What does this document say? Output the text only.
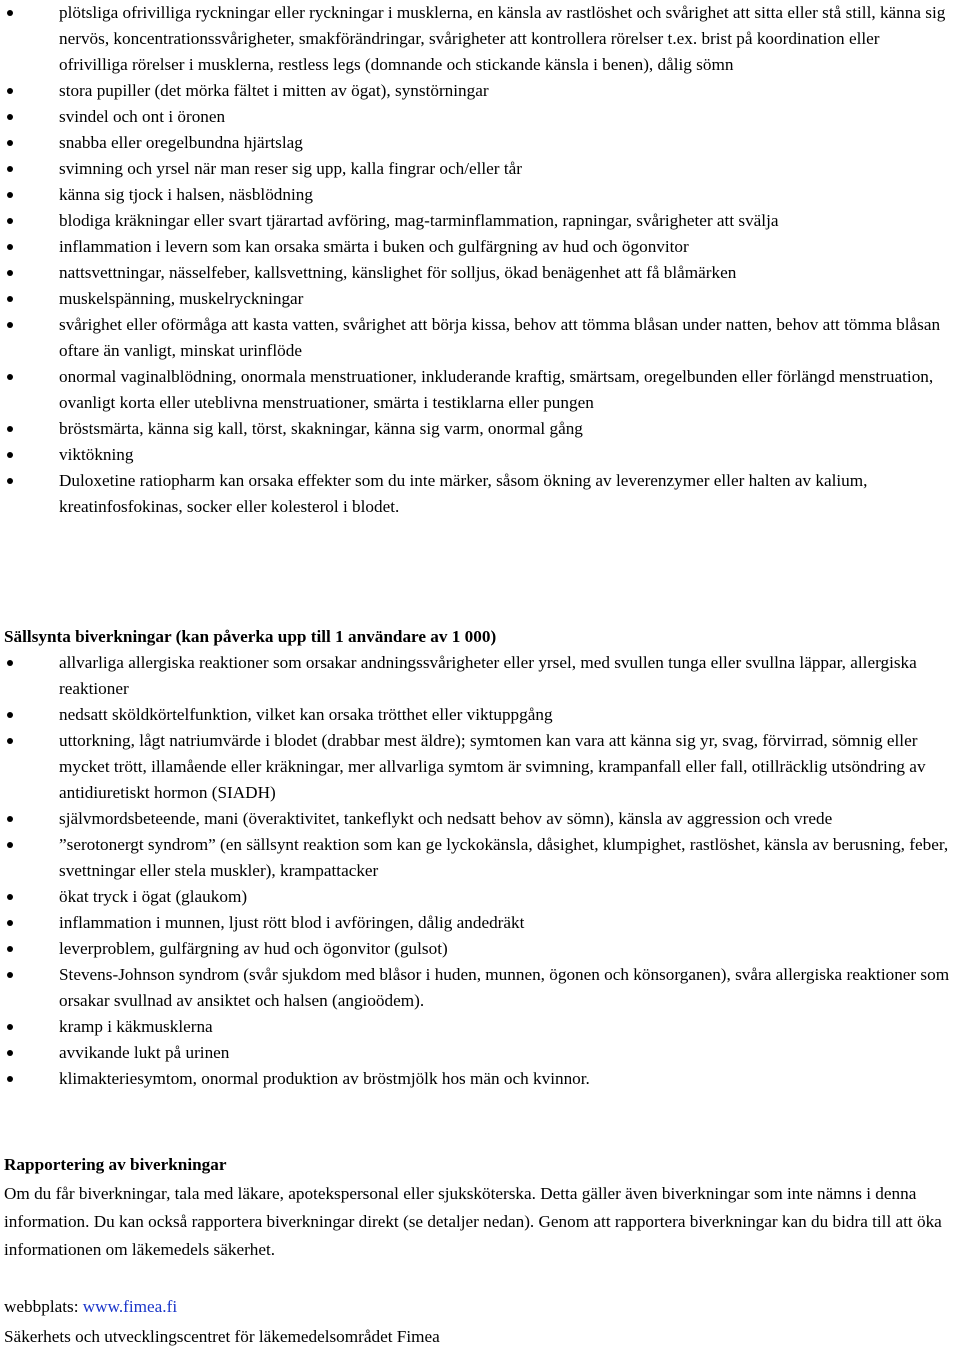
plötsliga ofrivilliga ryckningar eller ryckningar i musklerna, en känsla av rastlöshet och svårighet att sitta eller stå still, känna sig nervös, koncentrationssvårigheter, smakförändringar, svårigheter att kontrollera rörelser t.ex. brist på koordination eller ofrivilliga rörelser i musklerna, restless legs (domnande och stickande känsla i benen), dålig sömn
stora pupiller (det mörka fältet i mitten av ögat), synstörningar
svindel och ont i öronen
snabba eller oregelbundna hjärtslag
svimning och yrsel när man reser sig upp, kalla fingrar och/eller tår
känna sig tjock i halsen, näsblödning
blodiga kräkningar eller svart tjärartad avföring, mag-tarminflammation, rapningar, svårigheter att svälja
inflammation i levern som kan orsaka smärta i buken och gulfärgning av hud och ögonvitor
nattsvettningar, nässelfeber, kallsvettning, känslighet för solljus, ökad benägenhet att få blåmärken
muskelspänning, muskelryckningar
svårighet eller oförmåga att kasta vatten, svårighet att börja kissa, behov att tömma blåsan under natten, behov att tömma blåsan oftare än vanligt, minskat urinflöde
onormal vaginalblödning, onormala menstruationer, inkluderande kraftig, smärtsam, oregelbunden eller förlängd menstruation, ovanligt korta eller uteblivna menstruationer, smärta i testiklarna eller pungen
bröstsmärta, känna sig kall, törst, skakningar, känna sig varm, onormal gång
viktökning
Duloxetine ratiopharm kan orsaka effekter som du inte märker, såsom ökning av leverenzymer eller halten av kalium, kreatinfosfokinas, socker eller kolesterol i blodet.
Sällsynta biverkningar (kan påverka upp till 1 användare av 1 000)
allvarliga allergiska reaktioner som orsakar andningssvårigheter eller yrsel, med svullen tunga eller svullna läppar, allergiska reaktioner
nedsatt sköldkörtelfunktion, vilket kan orsaka trötthet eller viktuppgång
uttorkning, lågt natriumvärde i blodet (drabbar mest äldre); symtomen kan vara att känna sig yr, svag, förvirrad, sömnig eller mycket trött, illamående eller kräkningar, mer allvarliga symtom är svimning, krampanfall eller fall, otillräcklig utsöndring av antidiuretiskt hormon (SIADH)
självmordsbeteende, mani (överaktivitet, tankeflykt och nedsatt behov av sömn), känsla av aggression och vrede
”serotonergt syndrom” (en sällsynt reaktion som kan ge lyckokänsla, dåsighet, klumpighet, rastlöshet, känsla av berusning, feber, svettningar eller stela muskler), krampattacker
ökat tryck i ögat (glaukom)
inflammation i munnen, ljust rött blod i avföringen, dålig andedräkt
leverproblem, gulfärgning av hud och ögonvitor (gulsot)
Stevens-Johnson syndrom (svår sjukdom med blåsor i huden, munnen, ögonen och könsorganen), svåra allergiska reaktioner som orsakar svullnad av ansiktet och halsen (angioödem).
kramp i käkmusklerna
avvikande lukt på urinen
klimakteriesymtom, onormal produktion av bröstmjölk hos män och kvinnor.
Rapportering av biverkningar

Om du får biverkningar, tala med läkare, apotekspersonal eller sjuksköterska. Detta gäller även biverkningar som inte nämns i denna information. Du kan också rapportera biverkningar direkt (se detaljer nedan). Genom att rapportera biverkningar kan du bidra till att öka informationen om läkemedels säkerhet.

webbplats: www.fimea.fi
Säkerhets och utvecklingscentret för läkemedelsområdet Fimea
